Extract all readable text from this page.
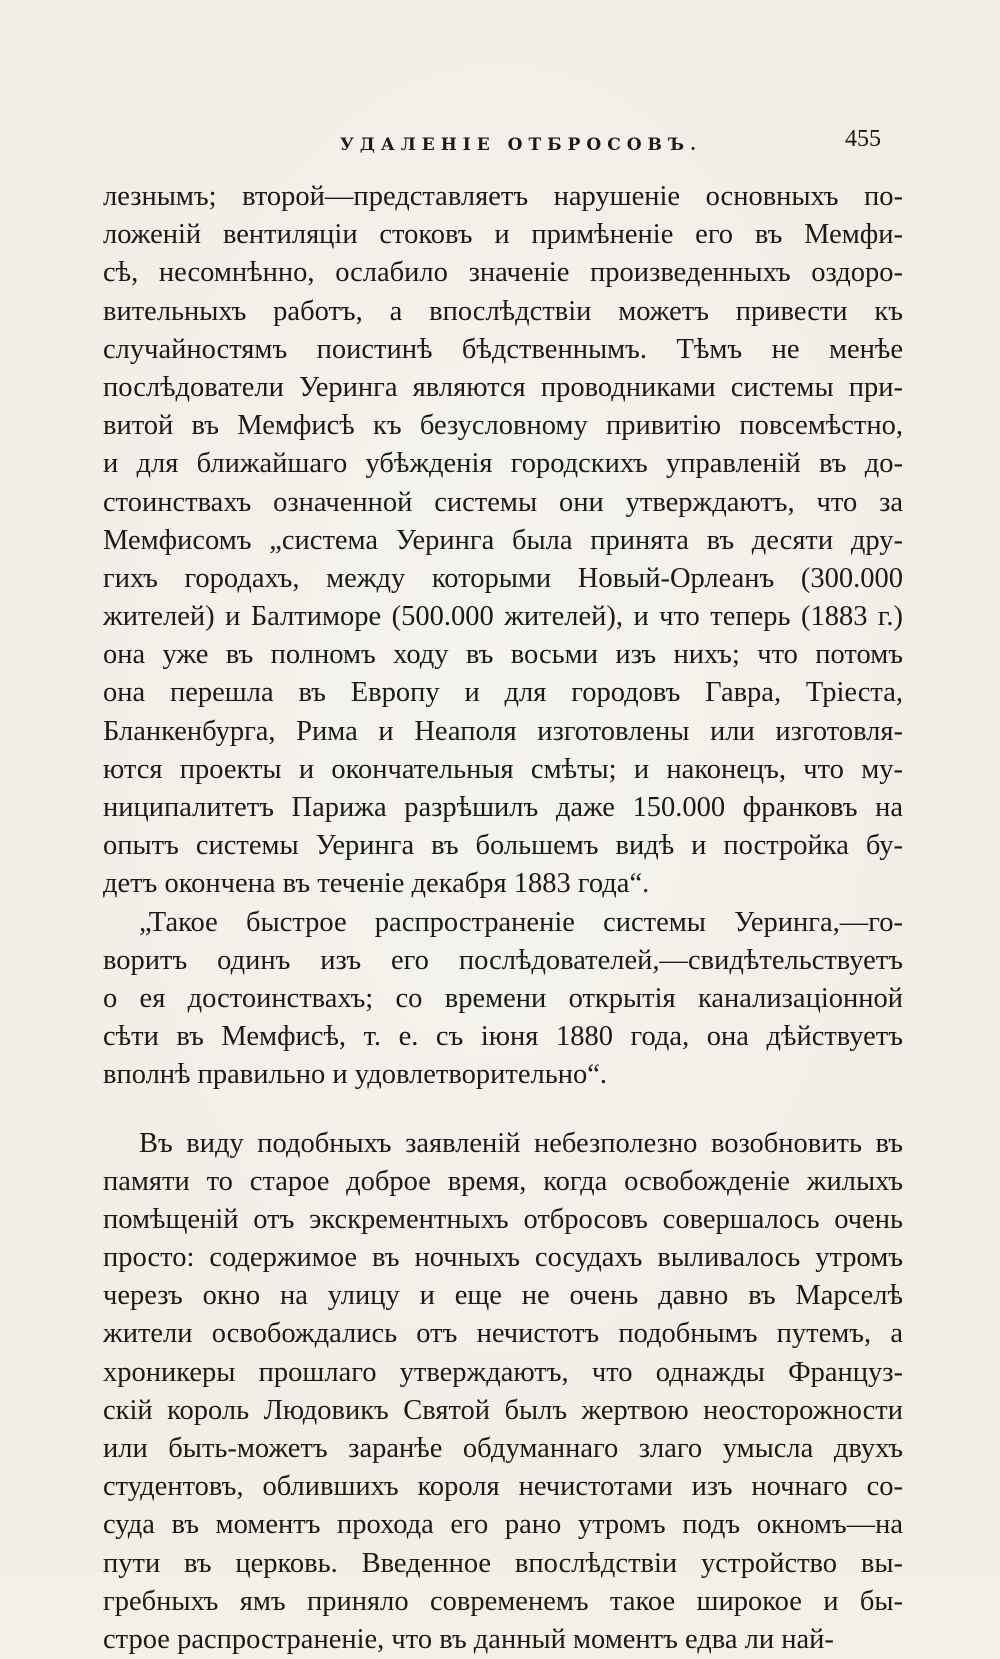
УДАЛЕНІЕ ОТБРОСОВЪ.	455
лезнымъ; второй—представляетъ нарушеніе основныхъ по-
ложеній вентиляціи стоковъ и примѣненіе его въ Мемфи-
сѣ, несомнѣнно, ослабило значеніе произведенныхъ оздоро-
вительныхъ работъ, а впослѣдствіи можетъ привести къ
случайностямъ поистинѣ бѣдственнымъ. Тѣмъ не менѣе
послѣдователи Уеринга являются проводниками системы при-
витой въ Мемфисѣ къ безусловному привитію повсемѣстно,
и для ближайшаго убѣжденія городскихъ управленій въ до-
стоинствахъ означенной системы они утверждаютъ, что за
Мемфисомъ „система Уеринга была принята въ десяти дру-
гихъ городахъ, между которыми Новый-Орлеанъ (300.000
жителей) и Балтиморе (500.000 жителей), и что теперь (1883 г.)
она уже въ полномъ ходу въ восьми изъ нихъ; что потомъ
она перешла въ Европу и для городовъ Гавра, Тріеста,
Бланкенбурга, Рима и Неаполя изготовлены или изготовля-
ются проекты и окончательныя смѣты; и наконецъ, что му-
ниципалитетъ Парижа разрѣшилъ даже 150.000 франковъ на
опытъ системы Уеринга въ большемъ видѣ и постройка бу-
детъ окончена въ теченіе декабря 1883 года“.
„Такое быстрое распространеніе системы Уеринга,—го-
воритъ одинъ изъ его послѣдователей,—свидѣтельствуетъ
о ея достоинствахъ; со времени открытія канализаціонной
сѣти въ Мемфисѣ, т. е. съ іюня 1880 года, она дѣйствуетъ
вполнѣ правильно и удовлетворительно“.
Въ виду подобныхъ заявленій небезполезно возобновить въ
памяти то старое доброе время, когда освобожденіе жилыхъ
помѣщеній отъ экскрементныхъ отбросовъ совершалось очень
просто: содержимое въ ночныхъ сосудахъ выливалось утромъ
черезъ окно на улицу и еще не очень давно въ Марселѣ
жители освобождались отъ нечистотъ подобнымъ путемъ, а
хроникеры прошлаго утверждаютъ, что однажды Француз-
скій король Людовикъ Святой былъ жертвою неосторожности
или быть-можетъ заранѣе обдуманнаго злаго умысла двухъ
студентовъ, облившихъ короля нечистотами изъ ночнаго со-
суда въ моментъ прохода его рано утромъ подъ окномъ—на
пути въ церковь. Введенное впослѣдствіи устройство вы-
гребныхъ ямъ приняло современемъ такое широкое и бы-
строе распространеніе, что въ данный моментъ едва ли най-
